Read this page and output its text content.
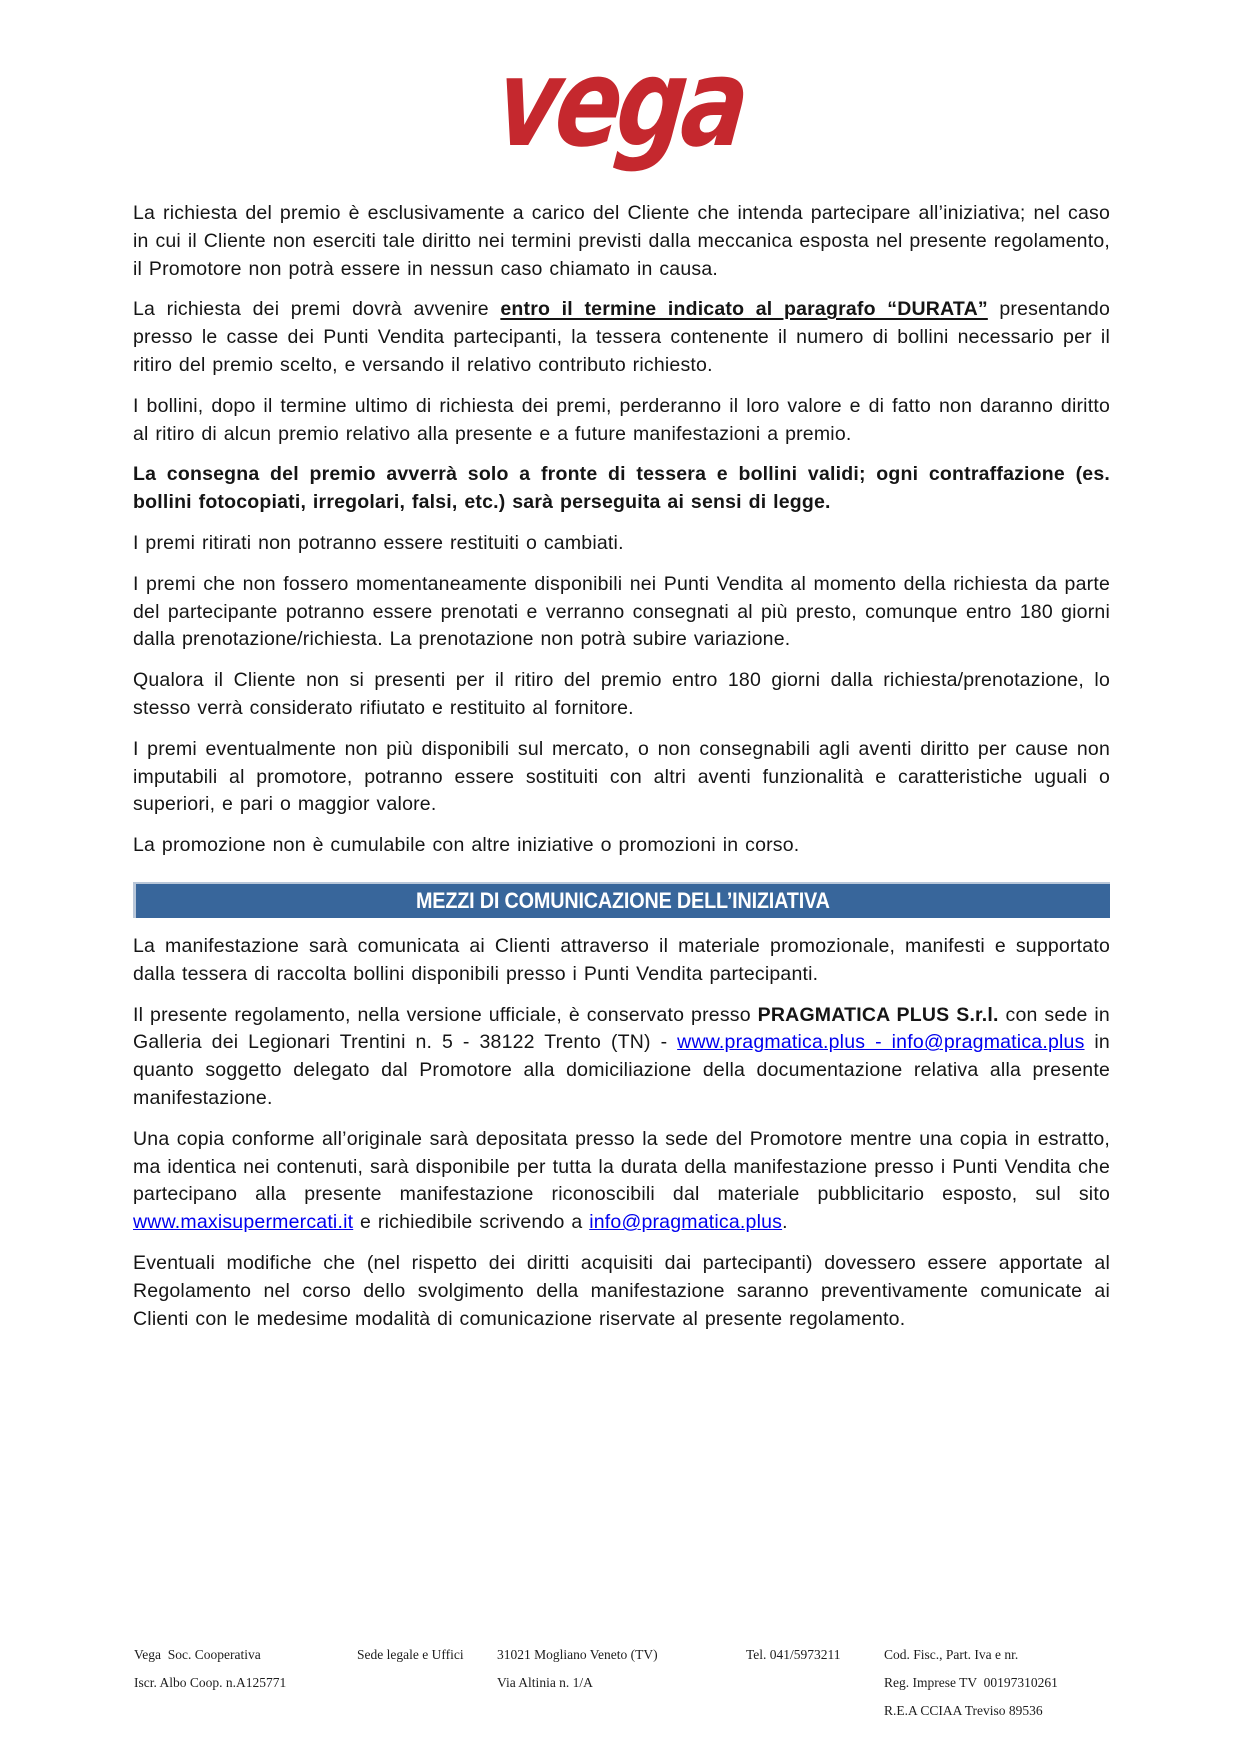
vega

La richiesta del premio è esclusivamente a carico del Cliente che intenda partecipare all’iniziativa; nel caso in cui il Cliente non eserciti tale diritto nei termini previsti dalla meccanica esposta nel presente regolamento, il Promotore non potrà essere in nessun caso chiamato in causa.

La richiesta dei premi dovrà avvenire entro il termine indicato al paragrafo “DURATA” presentando presso le casse dei Punti Vendita partecipanti, la tessera contenente il numero di bollini necessario per il ritiro del premio scelto, e versando il relativo contributo richiesto.

I bollini, dopo il termine ultimo di richiesta dei premi, perderanno il loro valore e di fatto non daranno diritto al ritiro di alcun premio relativo alla presente e a future manifestazioni a premio.

La consegna del premio avverrà solo a fronte di tessera e bollini validi; ogni contraffazione (es. bollini fotocopiati, irregolari, falsi, etc.) sarà perseguita ai sensi di legge.

I premi ritirati non potranno essere restituiti o cambiati.

I premi che non fossero momentaneamente disponibili nei Punti Vendita al momento della richiesta da parte del partecipante potranno essere prenotati e verranno consegnati al più presto, comunque entro 180 giorni dalla prenotazione/richiesta. La prenotazione non potrà subire variazione.

Qualora il Cliente non si presenti per il ritiro del premio entro 180 giorni dalla richiesta/prenotazione, lo stesso verrà considerato rifiutato e restituito al fornitore.

I premi eventualmente non più disponibili sul mercato, o non consegnabili agli aventi diritto per cause non imputabili al promotore, potranno essere sostituiti con altri aventi funzionalità e caratteristiche uguali o superiori, e pari o maggior valore.

La promozione non è cumulabile con altre iniziative o promozioni in corso.

MEZZI DI COMUNICAZIONE DELL’INIZIATIVA

La manifestazione sarà comunicata ai Clienti attraverso il materiale promozionale, manifesti e supportato dalla tessera di raccolta bollini disponibili presso i Punti Vendita partecipanti.

Il presente regolamento, nella versione ufficiale, è conservato presso PRAGMATICA PLUS S.r.l. con sede in Galleria dei Legionari Trentini n. 5 - 38122 Trento (TN) - www.pragmatica.plus - info@pragmatica.plus in quanto soggetto delegato dal Promotore alla domiciliazione della documentazione relativa alla presente manifestazione.

Una copia conforme all’originale sarà depositata presso la sede del Promotore mentre una copia in estratto, ma identica nei contenuti, sarà disponibile per tutta la durata della manifestazione presso i Punti Vendita che partecipano alla presente manifestazione riconoscibili dal materiale pubblicitario esposto, sul sito www.maxisupermercati.it e richiedibile scrivendo a info@pragmatica.plus.

Eventuali modifiche che (nel rispetto dei diritti acquisiti dai partecipanti) dovessero essere apportate al Regolamento nel corso dello svolgimento della manifestazione saranno preventivamente comunicate ai Clienti con le medesime modalità di comunicazione riservate al presente regolamento.

Vega  Soc. Cooperativa
Iscr. Albo Coop. n.A125771
Sede legale e Uffici 31021 Mogliano Veneto (TV)
Via Altinia n. 1/A
Tel. 041/5973211	Cod. Fisc., Part. Iva e nr.
Reg. Imprese TV  00197310261
R.E.A CCIAA Treviso 89536
